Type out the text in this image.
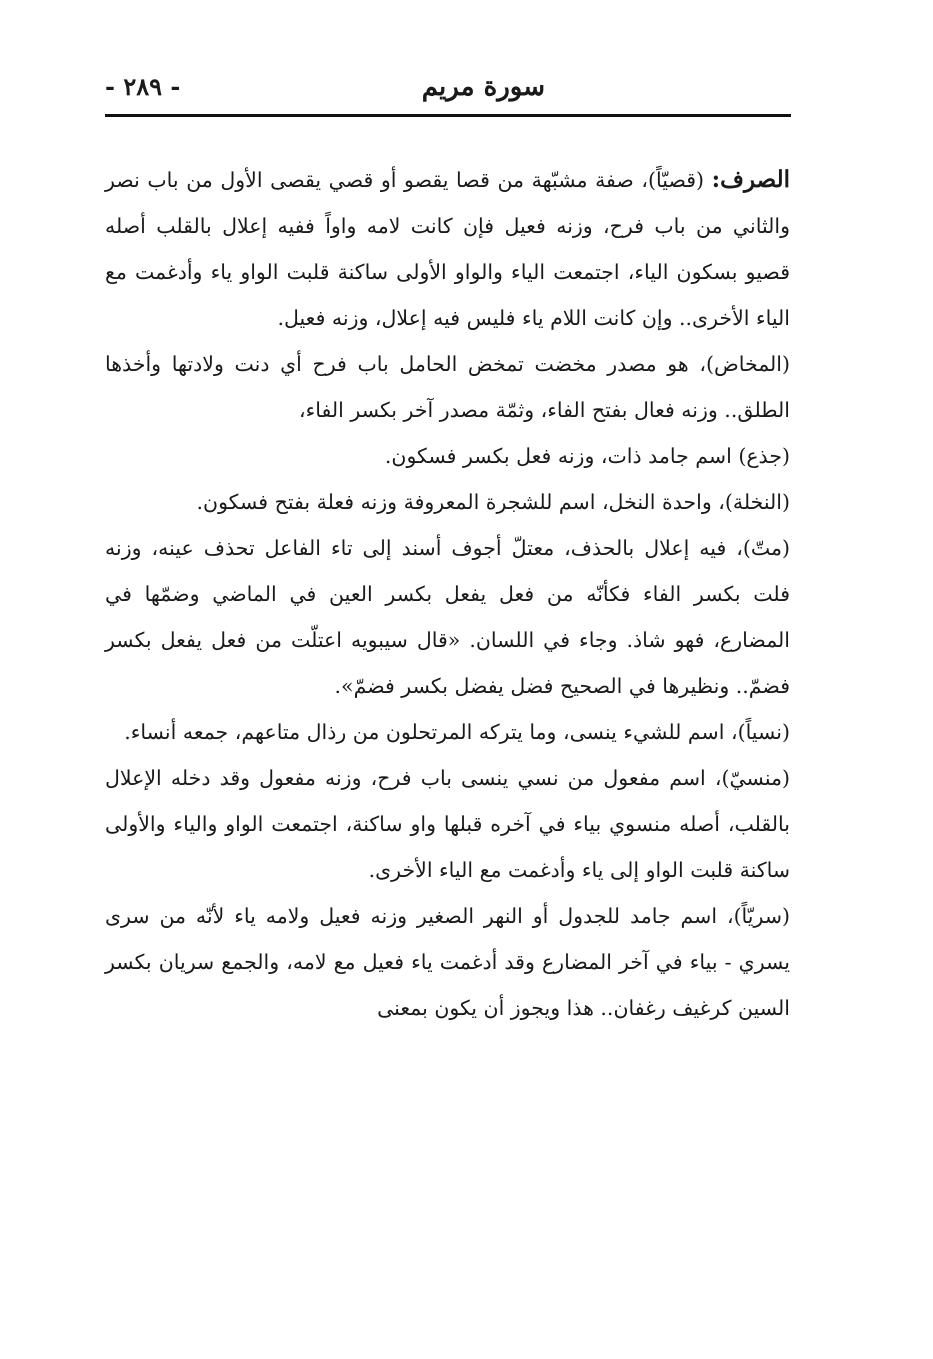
سورة مريم
- ٢٨٩ -

الصرف: (قصيّاً)، صفة مشبّهة من قصا يقصو أو قصي يقصى الأول من باب نصر والثاني من باب فرح، وزنه فعيل فإن كانت لامه واواً ففيه إعلال بالقلب أصله قصيو بسكون الياء، اجتمعت الياء والواو الأولى ساكنة قلبت الواو ياء وأدغمت مع الياء الأخرى.. وإن كانت اللام ياء فليس فيه إعلال، وزنه فعيل.

(المخاض)، هو مصدر مخضت تمخض الحامل باب فرح أي دنت ولادتها وأخذها الطلق.. وزنه فعال بفتح الفاء، وثمّة مصدر آخر بكسر الفاء،

(جذع) اسم جامد ذات، وزنه فعل بكسر فسكون.

(النخلة)، واحدة النخل، اسم للشجرة المعروفة وزنه فعلة بفتح فسكون.

(متّ)، فيه إعلال بالحذف، معتلّ أجوف أسند إلى تاء الفاعل تحذف عينه، وزنه فلت بكسر الفاء فكأنّه من فعل يفعل بكسر العين في الماضي وضمّها في المضارع، فهو شاذ. وجاء في اللسان. «قال سيبويه اعتلّت من فعل يفعل بكسر فضمّ.. ونظيرها في الصحيح فضل يفضل بكسر فضمّ».

(نسياً)، اسم للشيء ينسى، وما يتركه المرتحلون من رذال متاعهم، جمعه أنساء.

(منسيّ)، اسم مفعول من نسي ينسى باب فرح، وزنه مفعول وقد دخله الإعلال بالقلب، أصله منسوي بياء في آخره قبلها واو ساكنة، اجتمعت الواو والياء والأولى ساكنة قلبت الواو إلى ياء وأدغمت مع الياء الأخرى.

(سريّاً)، اسم جامد للجدول أو النهر الصغير وزنه فعيل ولامه ياء لأنّه من سرى يسري - بياء في آخر المضارع وقد أدغمت ياء فعيل مع لامه، والجمع سريان بكسر السين كرغيف رغفان.. هذا ويجوز أن يكون بمعنى
